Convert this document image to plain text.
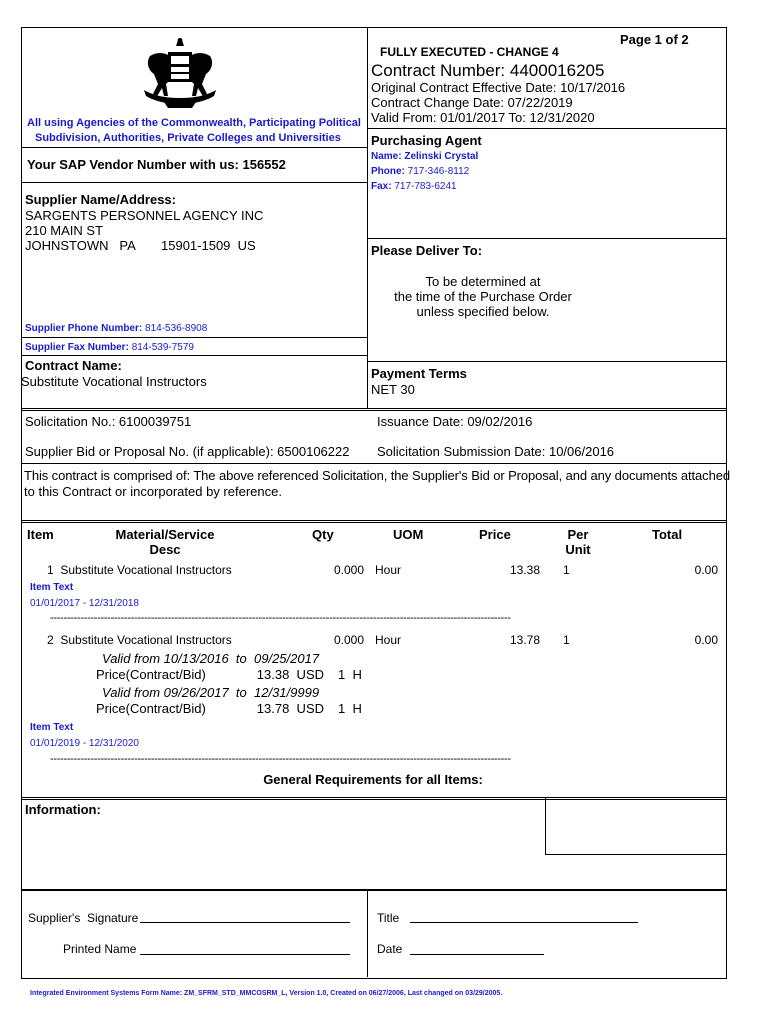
Page 1 of 2
FULLY EXECUTED - CHANGE 4
Contract Number: 4400016205
Original Contract Effective Date: 10/17/2016
Contract Change Date: 07/22/2019
Valid From: 01/01/2017 To: 12/31/2020
All using Agencies of the Commonwealth, Participating Political
Subdivision, Authorities, Private Colleges and Universities
Your SAP Vendor Number with us: 156552
Purchasing Agent
Name: Zelinski Crystal
Phone: 717-346-8112
Fax: 717-783-6241
Supplier Name/Address:
SARGENTS PERSONNEL AGENCY INC
210 MAIN ST
JOHNSTOWN   PA 15901-1509  US
Supplier Phone Number: 814-536-8908
Supplier Fax Number: 814-539-7579
Please Deliver To:
To be determined at
the time of the Purchase Order
unless specified below.
Contract Name:
Substitute Vocational Instructors
Payment Terms
NET 30
Solicitation No.: 6100039751	Issuance Date: 09/02/2016
Supplier Bid or Proposal No. (if applicable): 6500106222 Solicitation Submission Date: 10/06/2016
This contract is comprised of: The above referenced Solicitation, the Supplier's Bid or Proposal, and any documents attached
to this Contract or incorporated by reference.
Item	Material/Service
Desc
Qty	UOM	Price	Per
Unit
Total
1  Substitute Vocational Instructors	0.000 Hour	13.38 1	0.00
Item Text
01/01/2017 - 12/31/2018
-----------------------------------------------------------------------------------------------------------------------------------------
2  Substitute Vocational Instructors	0.000 Hour	13.78 1	0.00
Valid from 10/13/2016  to  09/25/2017
Price(Contract/Bid)	13.38  USD 1  H
Valid from 09/26/2017  to  12/31/9999
Price(Contract/Bid)	13.78  USD 1  H
Item Text
01/01/2019 - 12/31/2020
-----------------------------------------------------------------------------------------------------------------------------------------
General Requirements for all Items:
Information:
Supplier's  Signature
Printed Name
Title
Date
Integrated Environment Systems Form Name: ZM_SFRM_STD_MMCOSRM_L, Version 1.0, Created on 06/27/2006, Last changed on 03/29/2005.
